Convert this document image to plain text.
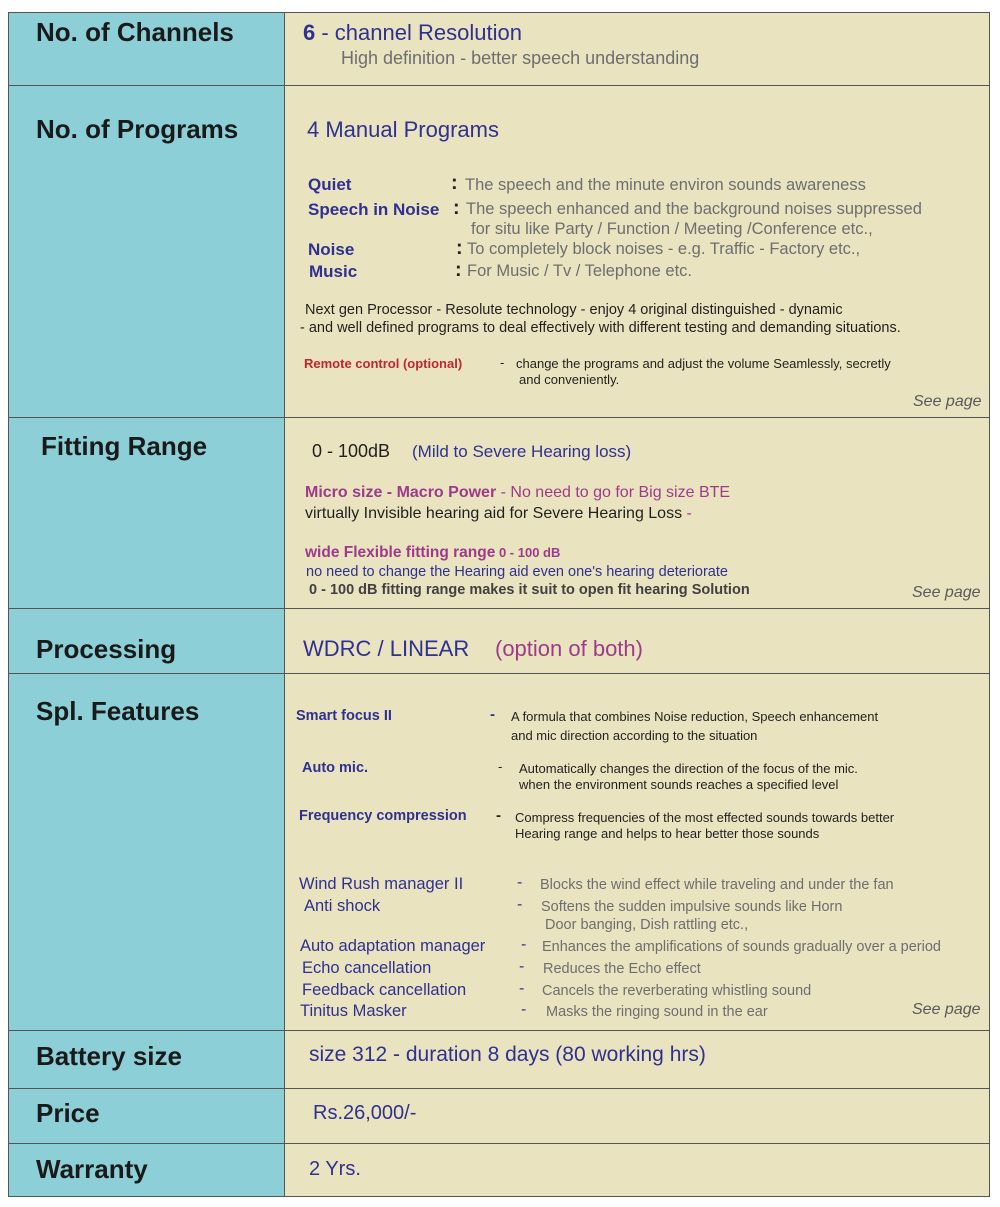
No. of Channels	6 - channel Resolution
High definition - better speech understanding
No. of Programs	4 Manual Programs
Quiet	: The speech and the minute environ sounds awareness
Speech in Noise : The speech enhanced and the background noises suppressed
for situ like Party / Function / Meeting /Conference etc.,
Noise	: To completely block noises - e.g. Traffic - Factory etc.,
Music	: For Music / Tv / Telephone etc.
Next gen Processor - Resolute technology - enjoy 4 original distinguished - dynamic
- and well defined programs to deal effectively with different testing and demanding situations.
Remote control (optional)	- change the programs and adjust the volume Seamlessly, secretly
and conveniently.
See page
Fitting Range	0 - 100dB (Mild to Severe Hearing loss)
Micro size - Macro Power - No need to go for Big size BTE
virtually Invisible hearing aid for Severe Hearing Loss -
wide Flexible fitting range 0 - 100 dB
no need to change the Hearing aid even one's hearing deteriorate
0 - 100 dB fitting range makes it suit to open fit hearing Solution	See page
Processing	WDRC / LINEAR (option of both)
Spl. Features	Smart focus II	- A formula that combines Noise reduction, Speech enhancement
and mic direction according to the situation
Auto mic.	- Automatically changes the direction of the focus of the mic.
when the environment sounds reaches a specified level
Frequency compression - Compress frequencies of the most effected sounds towards better
Hearing range and helps to hear better those sounds
Wind Rush manager II	- Blocks the wind effect while traveling and under the fan
Anti shock	- Softens the sudden impulsive sounds like Horn
Door banging, Dish rattling etc.,
Auto adaptation manager - Enhances the amplifications of sounds gradually over a period
Echo cancellation	- Reduces the Echo effect
Feedback cancellation	- Cancels the reverberating whistling sound
Tinitus Masker	- Masks the ringing sound in the ear	See page
Battery size	size 312 - duration 8 days (80 working hrs)
Price	Rs.26,000/-
Warranty	2 Yrs.
